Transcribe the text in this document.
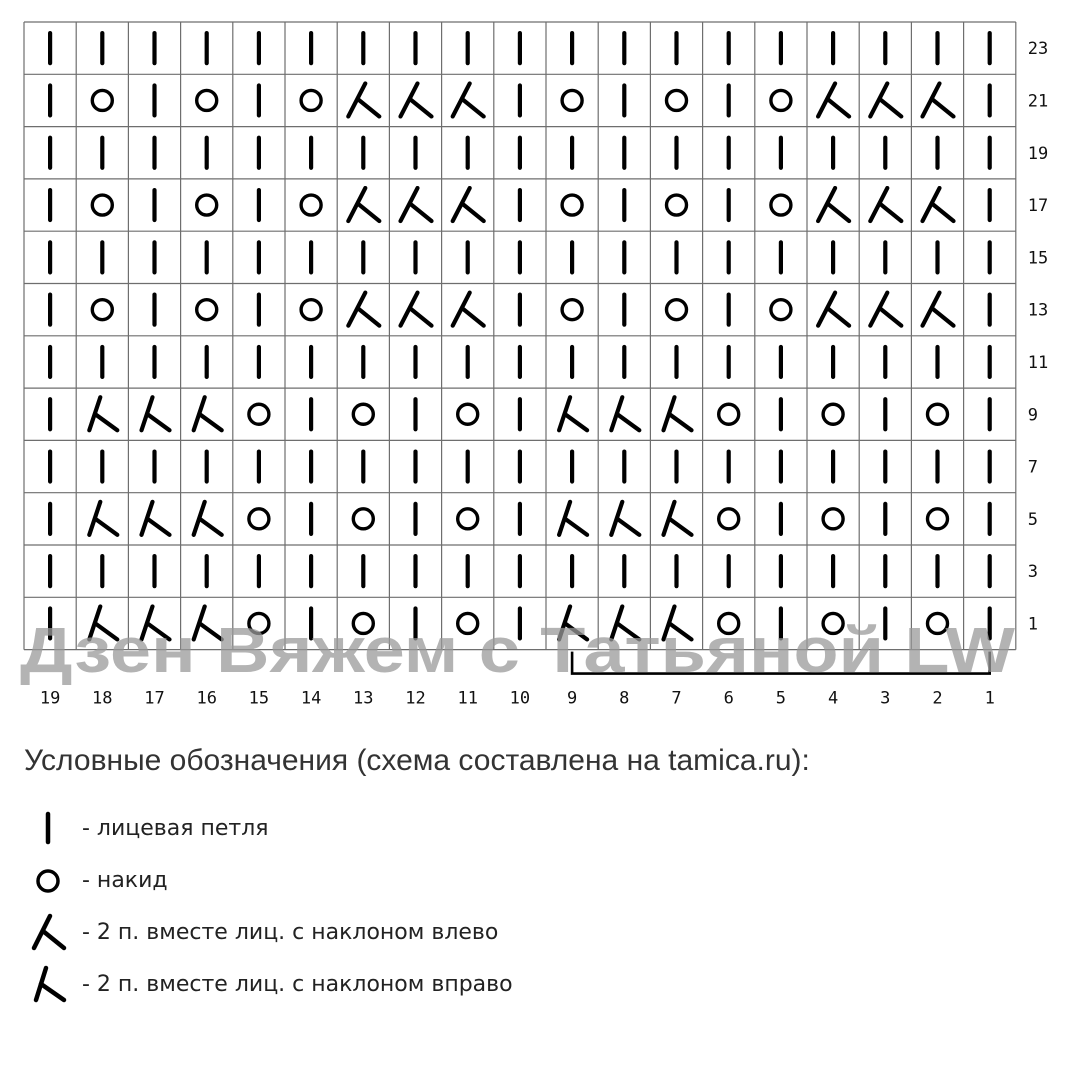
23
21
19
17
15
13
11
9
7
5
3
1
19 18 17 16 15 14 13 12 11 10 9 8 7 6 5 4 3 2 1
Дзен Вяжем с Татьяной LW
Условные обозначения (схема составлена на tamica.ru):
- лицевая петля
- накид
- 2 п. вместе лиц. с наклоном влево
- 2 п. вместе лиц. с наклоном вправо
